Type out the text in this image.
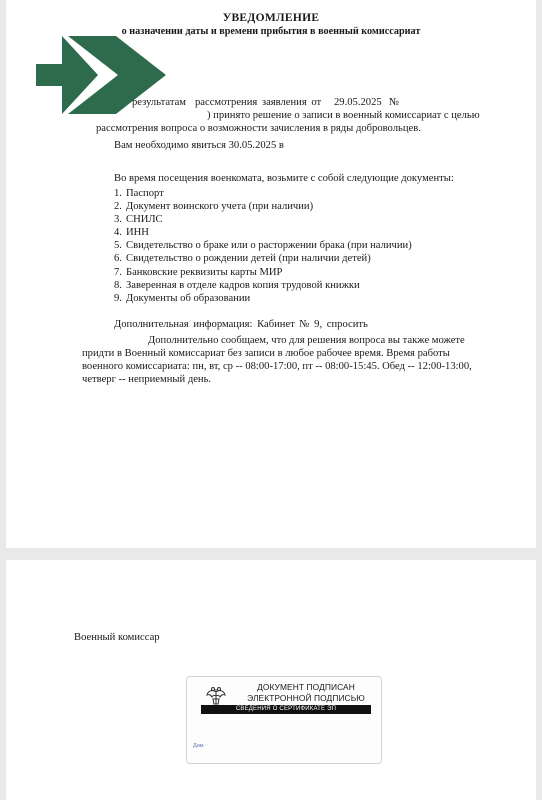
УВЕДОМЛЕНИЕ
о назначении даты и времени прибытия в военный комиссариат
результатам рассмотрения заявления от 29.05.2025 №
) принято решение о записи в военный комиссариат с целью
рассмотрения вопроса о возможности зачисления в ряды добровольцев.
Вам необходимо явиться 30.05.2025 в
Во время посещения военкомата, возьмите с собой следующие документы:
1. Паспорт
2. Документ воинского учета (при наличии)
3. СНИЛС
4. ИНН
5. Свидетельство о браке или о расторжении брака (при наличии)
6. Свидетельство о рождении детей (при наличии детей)
7. Банковские реквизиты карты МИР
8. Заверенная в отделе кадров копия трудовой книжки
9. Документы об образовании
Дополнительная информация: Кабинет № 9, спросить
Дополнительно сообщаем, что для решения вопроса вы также можете
придти в Военный комиссариат без записи в любое рабочее время. Время работы
военного комиссариата: пн, вт, ср -- 08:00-17:00, пт -- 08:00-15:45. Обед -- 12:00-13:00,
четверг -- неприемный день.
Военный комиссар
ДОКУМЕНТ ПОДПИСАН
ЭЛЕКТРОННОЙ ПОДПИСЬЮ
СВЕДЕНИЯ О СЕРТИФИКАТЕ ЭП
Дим
